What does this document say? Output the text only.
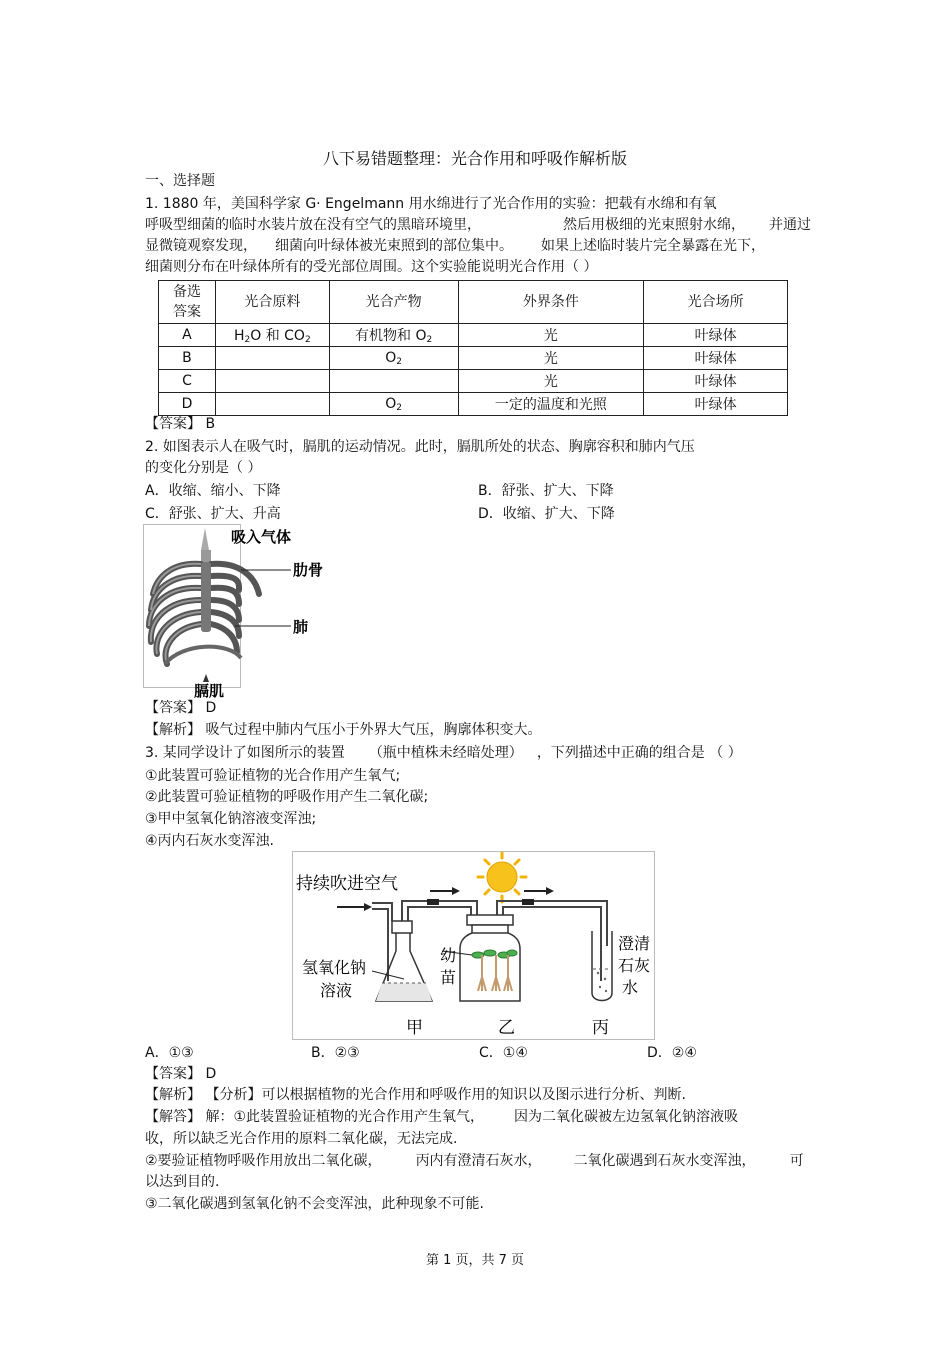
八下易错题整理：光合作用和呼吸作解析版
一、选择题
1. 1880 年，美国科学家 G· Engelmann 用水绵进行了光合作用的实验：把载有水绵和有氧
呼吸型细菌的临时水装片放在没有空气的黑暗环境里，	然后用极细的光束照射水绵， 并通过
显微镜观察发现， 细菌向叶绿体被光束照到的部位集中。 如果上述临时装片完全暴露在光下，
细菌则分布在叶绿体所有的受光部位周围。这个实验能说明光合作用（ ）
备选
答案	光合原料	光合产物	外界条件	光合场所
A	$H_2O$ 和 $CO_2$	有机物和 $O_2$	光	叶绿体
B		$O_2$	光	叶绿体
C			光	叶绿体
D		$O_2$	一定的温度和光照	叶绿体
【答案】 B
2. 如图表示人在吸气时，膈肌的运动情况。此时，膈肌所处的状态、胸廓容积和肺内气压
的变化分别是（ ）
A．收缩、缩小、下降	B．舒张、扩大、下降
C．舒张、扩大、升高	D．收缩、扩大、下降
吸入气体
肋骨
肺
膈肌
【答案】 D
【解析】 吸气过程中肺内气压小于外界大气压，胸廓体积变大。
3. 某同学设计了如图所示的装置 （瓶中植株未经暗处理） ，下列描述中正确的组合是 （ ）
①此装置可验证植物的光合作用产生氧气;
②此装置可验证植物的呼吸作用产生二氧化碳;
③甲中氢氧化钠溶液变浑浊;
④丙内石灰水变浑浊.
持续吹进空气
氢氧化钠
溶液
幼
苗
澄清
石灰
水
甲	乙	丙
A．①③	B．②③	C．①④	D．②④
【答案】 D
【解析】 【分析】可以根据植物的光合作用和呼吸作用的知识以及图示进行分析、判断.
【解答】 解：①此装置验证植物的光合作用产生氧气， 因为二氧化碳被左边氢氧化钠溶液吸
收，所以缺乏光合作用的原料二氧化碳，无法完成.
②要验证植物呼吸作用放出二氧化碳， 丙内有澄清石灰水， 二氧化碳遇到石灰水变浑浊， 可
以达到目的.
③二氧化碳遇到氢氧化钠不会变浑浊，此种现象不可能.
第 1 页，共 7 页
